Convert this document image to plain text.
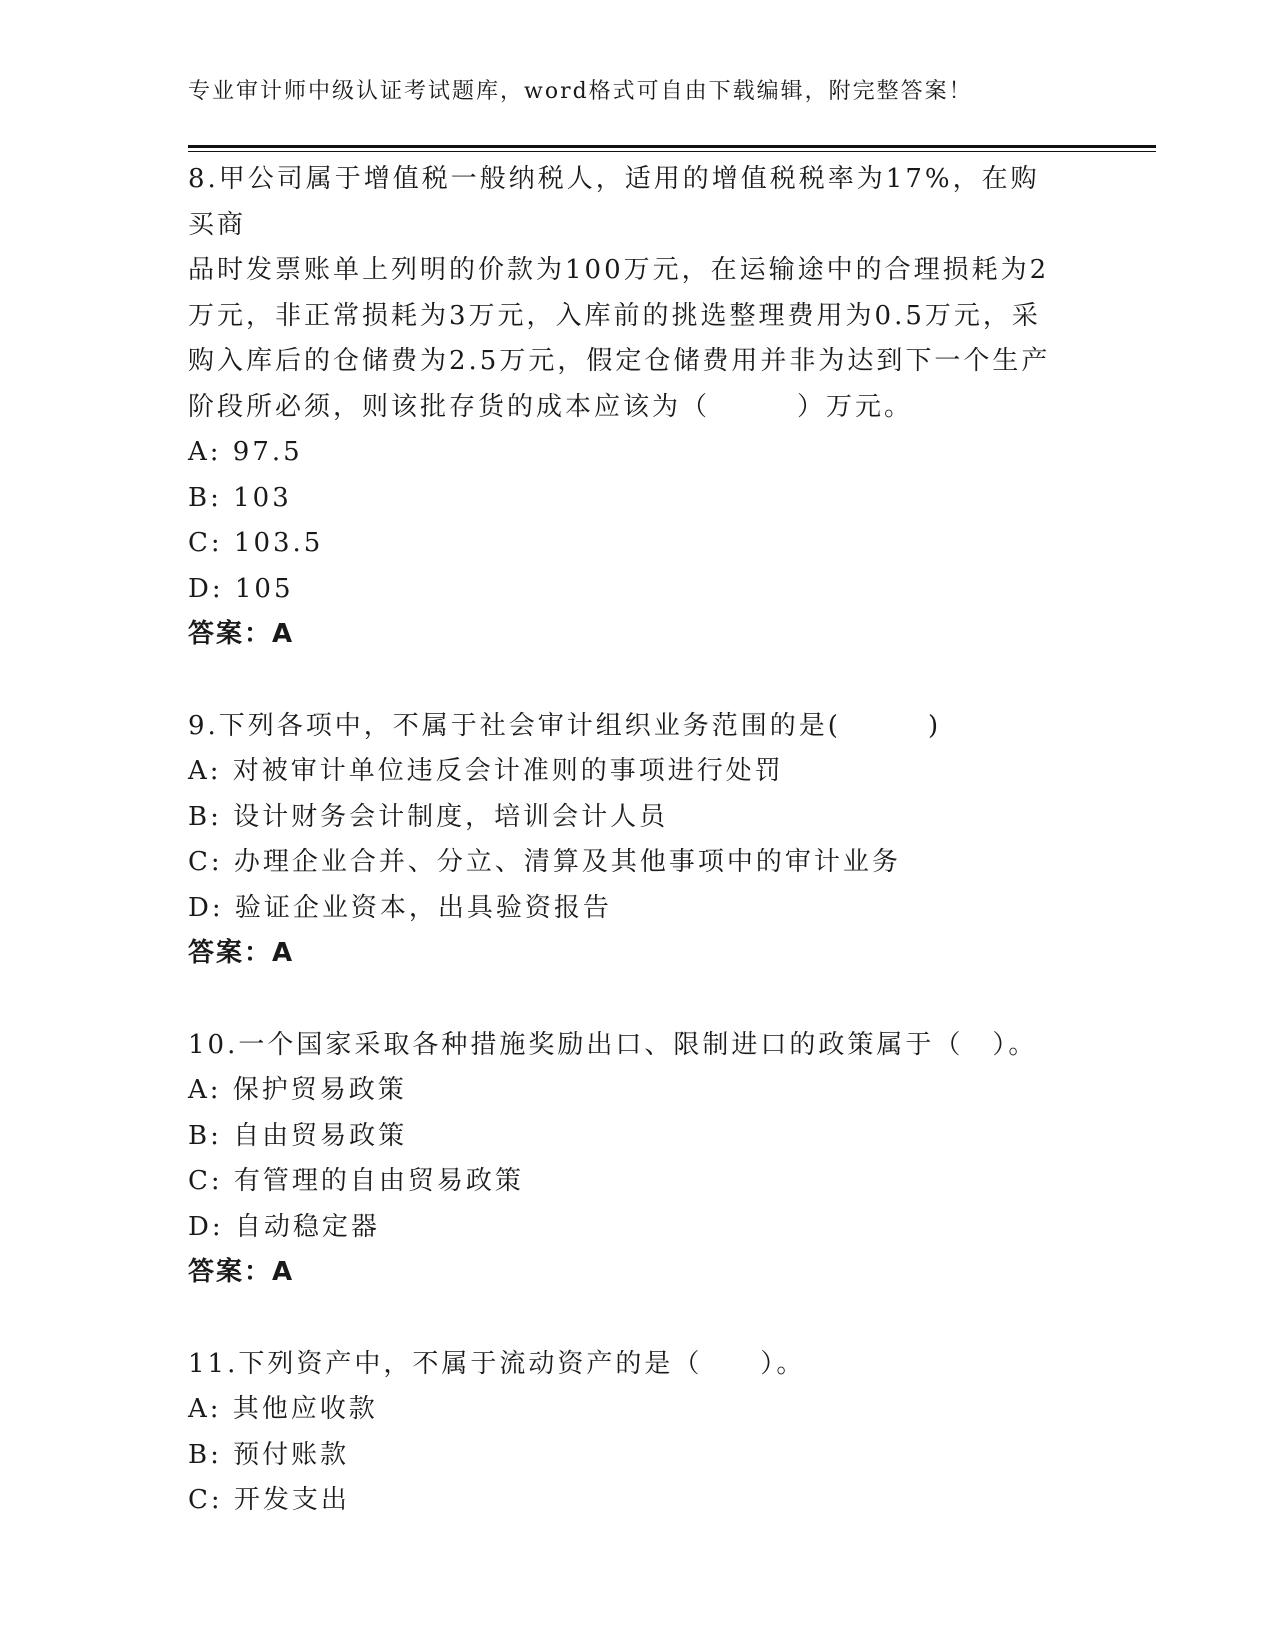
专业审计师中级认证考试题库，word格式可自由下载编辑，附完整答案！
8.甲公司属于增值税一般纳税人，适用的增值税税率为17%，在购买商
品时发票账单上列明的价款为100万元，在运输途中的合理损耗为2
万元，非正常损耗为3万元，入库前的挑选整理费用为0.5万元，采
购入库后的仓储费为2.5万元，假定仓储费用并非为达到下一个生产
阶段所必须，则该批存货的成本应该为（　　　）万元。
A: 97.5
B: 103
C: 103.5
D: 105
答案：A
9.下列各项中，不属于社会审计组织业务范围的是(　　　)
A: 对被审计单位违反会计准则的事项进行处罚
B: 设计财务会计制度，培训会计人员
C: 办理企业合并、分立、清算及其他事项中的审计业务
D: 验证企业资本，出具验资报告
答案：A
10.一个国家采取各种措施奖励出口、限制进口的政策属于（　）。
A: 保护贸易政策
B: 自由贸易政策
C: 有管理的自由贸易政策
D: 自动稳定器
答案：A
11.下列资产中，不属于流动资产的是（　　）。
A: 其他应收款
B: 预付账款
C: 开发支出
